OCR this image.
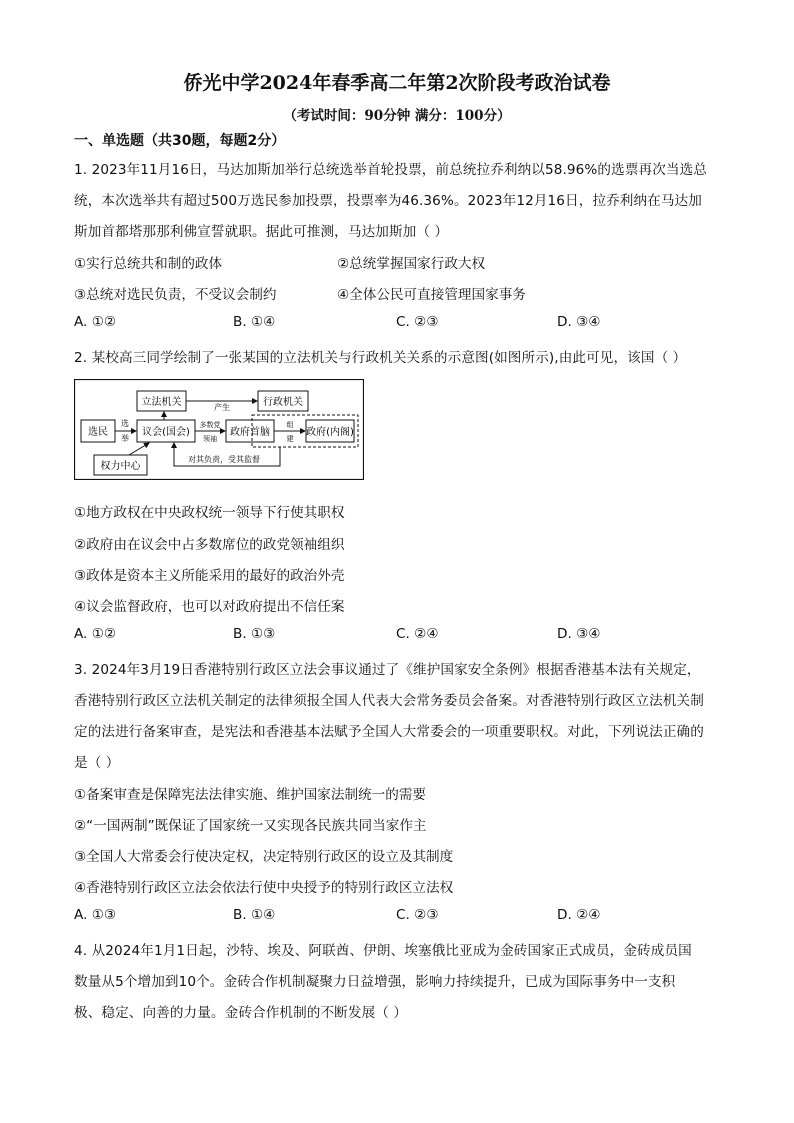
侨光中学2024年春季高二年第2次阶段考政治试卷
（考试时间：90分钟 满分：100分）
一、单选题（共30题，每题2分）
1. 2023年11月16日，马达加斯加举行总统选举首轮投票，前总统拉乔利纳以58.96%的选票再次当选总
统，本次选举共有超过500万选民参加投票，投票率为46.36%。2023年12月16日，拉乔利纳在马达加
斯加首都塔那那利佛宣誓就职。据此可推测，马达加斯加（ ）
①实行总统共和制的政体	②总统掌握国家行政大权
③总统对选民负责，不受议会制约	④全体公民可直接管理国家事务
A. ①②	B. ①④	C. ②③	D. ③④
2. 某校高三同学绘制了一张某国的立法机关与行政机关关系的示意图(如图所示),由此可见，该国（ ）
选民
立法机关
议会(国会)
行政机关
政府首脑	政府(内阁)
权力中心
产生
选
举
多数党
领袖
组
建
对其负责，受其监督
①地方政权在中央政权统一领导下行使其职权
②政府由在议会中占多数席位的政党领袖组织
③政体是资本主义所能采用的最好的政治外壳
④议会监督政府，也可以对政府提出不信任案
A. ①②	B. ①③	C. ②④	D. ③④
3. 2024年3月19日香港特别行政区立法会事议通过了《维护国家安全条例》根据香港基本法有关规定，
香港特别行政区立法机关制定的法律须报全国人代表大会常务委员会备案。对香港特别行政区立法机关制
定的法进行备案审查，是宪法和香港基本法赋予全国人大常委会的一项重要职权。对此，下列说法正确的
是（ ）
①备案审查是保障宪法法律实施、维护国家法制统一的需要
②“一国两制”既保证了国家统一又实现各民族共同当家作主
③全国人大常委会行使决定权，决定特别行政区的设立及其制度
④香港特别行政区立法会依法行使中央授予的特别行政区立法权
A. ①③	B. ①④	C. ②③	D. ②④
4. 从2024年1月1日起，沙特、埃及、阿联酋、伊朗、埃塞俄比亚成为金砖国家正式成员，金砖成员国
数量从5个增加到10个。金砖合作机制凝聚力日益增强，影响力持续提升，已成为国际事务中一支积
极、稳定、向善的力量。金砖合作机制的不断发展（ ）
